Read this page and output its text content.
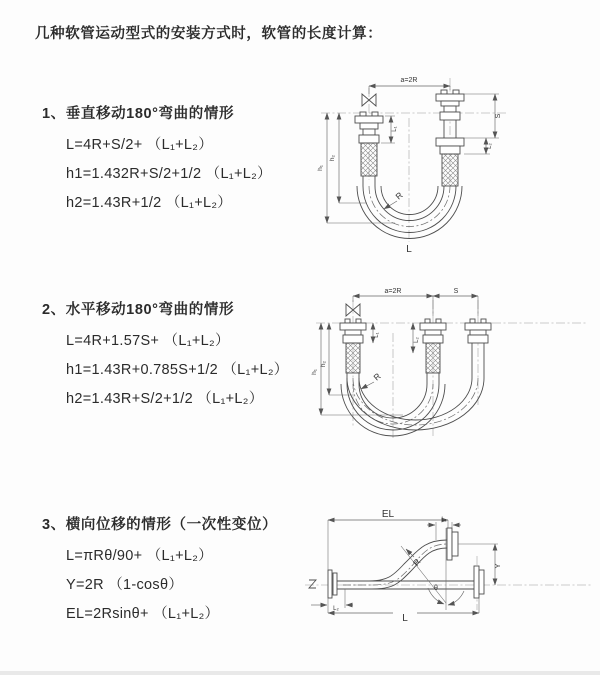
几种软管运动型式的安装方式时，软管的长度计算：
1、垂直移动180°弯曲的情形
L=4R+S/2+ （L₁+L₂）
h1=1.432R+S/2+1/2 （L₁+L₂）
h2=1.43R+1/2 （L₁+L₂）
2、水平移动180°弯曲的情形
L=4R+1.57S+ （L₁+L₂）
h1=1.43R+0.785S+1/2 （L₁+L₂）
h2=1.43R+S/2+1/2 （L₁+L₂）
3、横向位移的情形（一次性变位）
L=πRθ/90+ （L₁+L₂）
Y=2R （1-cosθ）
EL=2Rsinθ+ （L₁+L₂）
a=2R
S
L₂
L₁
h₂
h₁
R
L
a=2R	S
L₁
L₂
h₁
h₂
R
EL	L₁
Y
L
L₂
R
θ
